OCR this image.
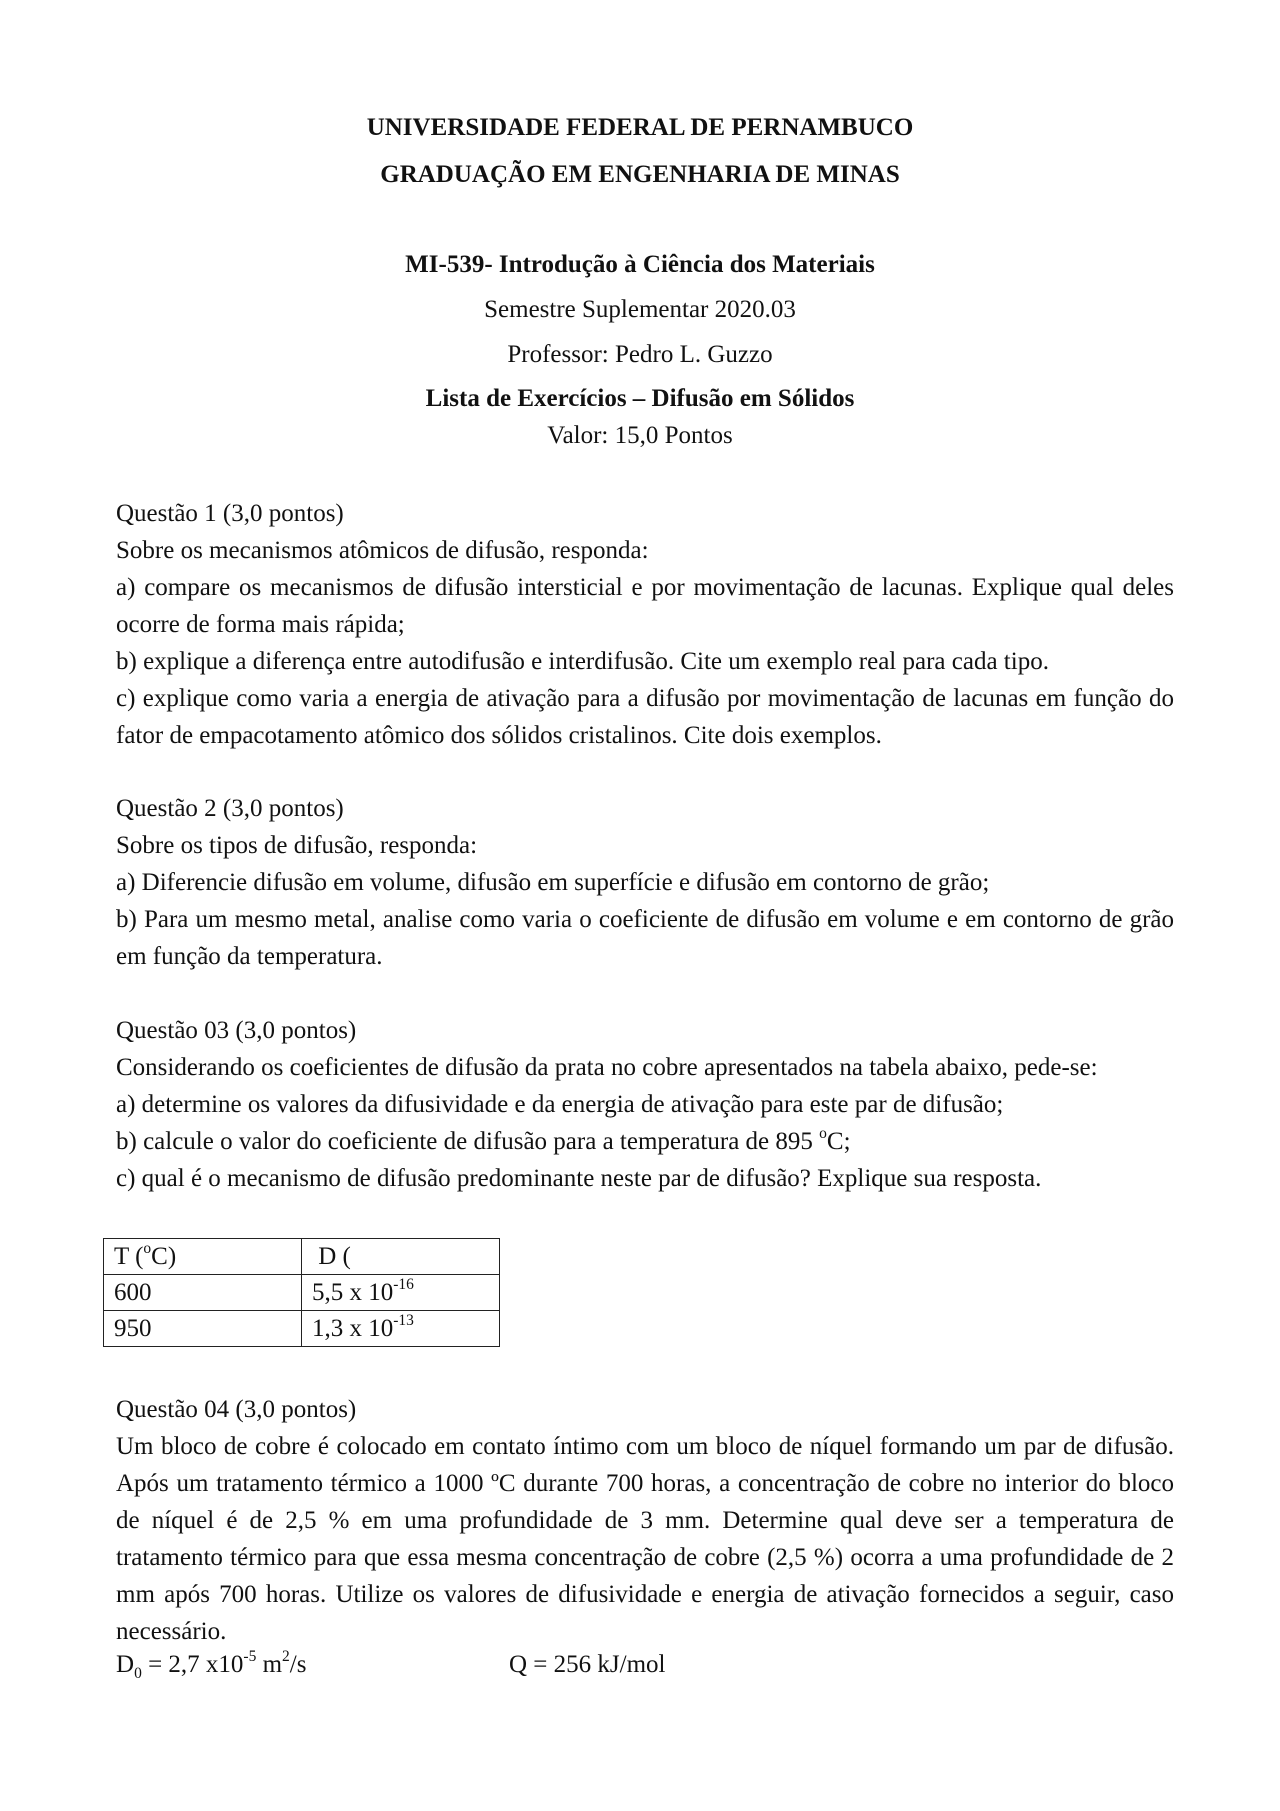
UNIVERSIDADE FEDERAL DE PERNAMBUCO
GRADUAÇÃO EM ENGENHARIA DE MINAS
MI-539- Introdução à Ciência dos Materiais
Semestre Suplementar 2020.03
Professor: Pedro L. Guzzo
Lista de Exercícios – Difusão em Sólidos
Valor: 15,0 Pontos
Questão 1 (3,0 pontos)
Sobre os mecanismos atômicos de difusão, responda:
a) compare os mecanismos de difusão intersticial e por movimentação de lacunas. Explique qual deles ocorre de forma mais rápida;
b) explique a diferença entre autodifusão e interdifusão. Cite um exemplo real para cada tipo.
c) explique como varia a energia de ativação para a difusão por movimentação de lacunas em função do fator de empacotamento atômico dos sólidos cristalinos. Cite dois exemplos.
Questão 2 (3,0 pontos)
Sobre os tipos de difusão, responda:
a) Diferencie difusão em volume, difusão em superfície e difusão em contorno de grão;
b) Para um mesmo metal, analise como varia o coeficiente de difusão em volume e em contorno de grão em função da temperatura.
Questão 03 (3,0 pontos)
Considerando os coeficientes de difusão da prata no cobre apresentados na tabela abaixo, pede-se:
a) determine os valores da difusividade e da energia de ativação para este par de difusão;
b) calcule o valor do coeficiente de difusão para a temperatura de 895 $^o$C;
c) qual é o mecanismo de difusão predominante neste par de difusão? Explique sua resposta.
T ($^o$C)	D (
600	5,5 x $10^{-16}$
950	1,3 x $10^{-13}$
Questão 04 (3,0 pontos)
Um bloco de cobre é colocado em contato íntimo com um bloco de níquel formando um par de difusão. Após um tratamento térmico a 1000 ºC durante 700 horas, a concentração de cobre no interior do bloco de níquel é de 2,5 % em uma profundidade de 3 mm. Determine qual deve ser a temperatura de tratamento térmico para que essa mesma concentração de cobre (2,5 %) ocorra a uma profundidade de 2 mm após 700 horas. Utilize os valores de difusividade e energia de ativação fornecidos a seguir, caso necessário.
$D_0 = 2,7$ $x10^{-5}$ $m^2/s$	Q = 256 kJ/mol
